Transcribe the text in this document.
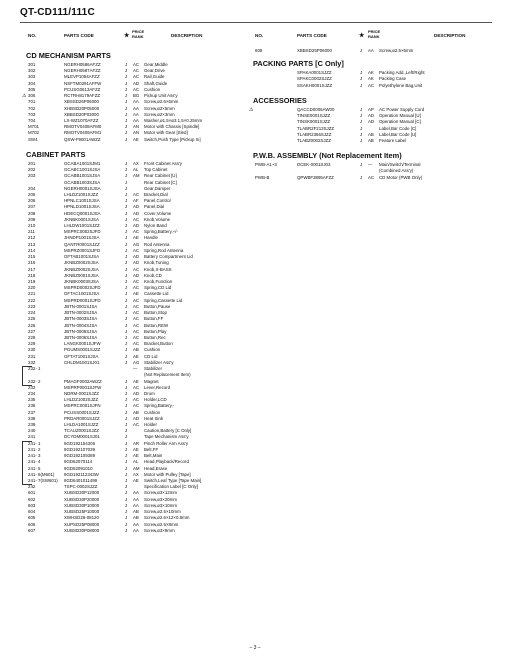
QT-CD111/111C
NO.	PARTS CODE	★
PRICE
RANK	DESCRIPTION
CD MECHANISM PARTS
301	NGERH0586AFZZ	J AC Gear,Middle
302	NGERH0587AFZZ	J AC Gear,Drive
303	MLEVP1054AFZZ	J AC Rail,Guide
304	NSFTM0291AFFW	J AD Shaft,Guide
305	PCUSG0613AFZZ	J AC Cushion
306	RCTRH8179AFZZ	J BG Pickup Unit Ass'y
⚠
701	XBSSD26P06000	J AA Screw,ø2.6×6mm
702	XHBSD20P05000	J AA Screw,ø2×5mm
703	XBBSD20P03000	J AA Screw,ø2×3mm
704	LX-WZ1070AFZZ	J AA Washer,ø1.5×ø3.1,5×0.25mm
M701	RMOTV0408AFM0	J AN Motor with Chassis [Spindle]
M702	RMOTV0409AFM1	J AN Motor with Gear [Sled]
SW4	QSW-F9001AWZZ	J AE Switch,Push Type [Pickup In]
CABINET PARTS
201	GCABA1001SJM1	J AX Front Cabinet Ass'y
202	GCABC1001SJSA	J AL Top Cabinet
203	GCABB1001SJSA	J AM Rear Cabinet [U]
GCABB1003SJSA	J	Rear Cabinet [C]
204	NGERH0001SJSA	J	Gear,Damper
205	LHLDZ1001SJZZ	J AC Bracket,Dial
206	HPNLC1001SJSA	J AF Panel,Control
207	HPNLD1001SJSA	J AD Panel,Dial
208	HDECQ0001SJSA	J AD Cover,Volume
209	JKNBK0001SJSA	J AC Knob,Volume
210	LHLDW1001SJZZ	J AD Nylon Band
211	MSPRC0002SJFD	J AC Spring,Battery,+/-
212	JHNDP1001SJSA	J AE Handle
213	QANTR0001SJZZ	J AG Rod Antenna
214	MSPRZ0001SJFD	J AC Spring,Rod Antenna
215	GFTAB1001SJSA	J AD Battery Compartment Lid
216	JKNBZ0002SJSA	J AD Knob,Tuning
217	JKNBZ0002SJSA	J AC Knob,X-BASS
218	JKNBZ0001SJSA	J AD Knob,CD
219	JKNBK0003SJSA	J AC Knob,Function
220	MSPRD0002SJFD	J AC Spring,CD Lid
221	GFTAC1001SJSA	J AE Cassette Lid
222	MSPRD0001SJFD	J AC Spring,Cassette Lid
223	JBTN-0001SJSA	J AC Button,Pause
224	JBTN-0002SJSA	J AC Button,Stop
225	JBTN-0003SJSA	J AC Button,FF
226	JBTN-0004SJSA	J AC Button,REW
227	JBTN-0005SJSA	J AC Button,Play
228	JBTN-0006SJSA	J AC Button,Rec
229	LANGK0001SJFW	J AC Bracket,Button
230	PGUMS0001SJZZ	J AB Cushion
231	GFTAT1001SJSA	J AE CD Lid
232	CHLDM1001SJ01	J AG Stabilizer Ass'y
232- 1	— Stabilizer
(Not Replacement Item)
232- 2	PMAGF0002AWZZ	J AE Magnet
233	MSPRP0001SJFW	J AC Lever,Record
234	NDRM-0001SJZZ	J AD Drum
235	LHLDZ1002SJZZ	J AC Holder,LCD
236	MSPRC0001SJFN	J AC Spring,Battery,-
237	PCUSS0001SJZZ	J AB Cushion
238	PRDAR0001SJZZ	J AD Heat Sink
239	LHLDA1001SJZZ	J AC Holder
240	TCAUZ0001SJZZ	J	Caution,Battery [C Only]
241	DCYDM0001SJ01	J	Tape Mechanism Ass'y
241- 1	9GD192154305	J AR Pinch Roller Arm Ass'y
241- 2	9GD192107039	J AE Belt,FF
241- 3	9GD192109389	J AE Belt,Main
241- 4	9GD62070114	J AL Head,Playback/Record
241- 5	9GD62091010	J AM Head,Erase
241- 6(M601) 9GD192112343W	J AX Motor with Pulley [Tape]
241- 7(SW601) 9GD6401011499	J AE Switch,Leaf Type [Tape Main]
242	TSPC-0002SJZZ	J	Specification Label [C Only]
601	XUBSD30P12000	J AA Screw,ø3×12mm
602	XUBSD30P20000	J AA Screw,ø3×20mm
603	XUBSD30P10000	J AA Screw,ø3×10mm
604	XUBSD25P10000	J AB Screw,ø2.5×10mm
605	XWHSD26-08120	J AB Screw,ø2.6×12×0.8mm
606	XUPSD25P08000	J AA Screw,ø2.5×8mm
607	XUBSD30P08000	J AA Screw,ø3×8mm
NO.	PARTS CODE	★
PRICE
RANK	DESCRIPTION
608	XBBSD25P06000	J AA Screw,ø2.5×6mm
PACKING PARTS [C Only]
SPAKA0001SJZZ	J AK Packing Add.,Left/Right
SPAKC0002SJZZ	J AK Packing Case
SSAKH0001SJZZ	J AC Polyethylene Bag,Unit
ACCESSORIES
QACCD0006AW00	J AP AC Power Supply Cord
⚠
TINSE0001SJZZ	J AD Operation Manual [U]
TINSK0001SJZZ	J AD Operation Manual [C]
TLABR2F213SJZZ	J	Label,Bar Code [C]
TLABR2366SJZZ	J AB Label,Bar Code [U]
TLABZ0002SJZZ	J AB Feature Label
P.W.B. ASSEMBLY (Not Replacement Item)
PWB-A1~3	DCEK-0001SJ03	J — Main/Switch/Terminal
(Combined Ass'y)
PWB-B	QPWBF3895AFZZ	J AC CD Motor (PWB Only)
– 3 –
